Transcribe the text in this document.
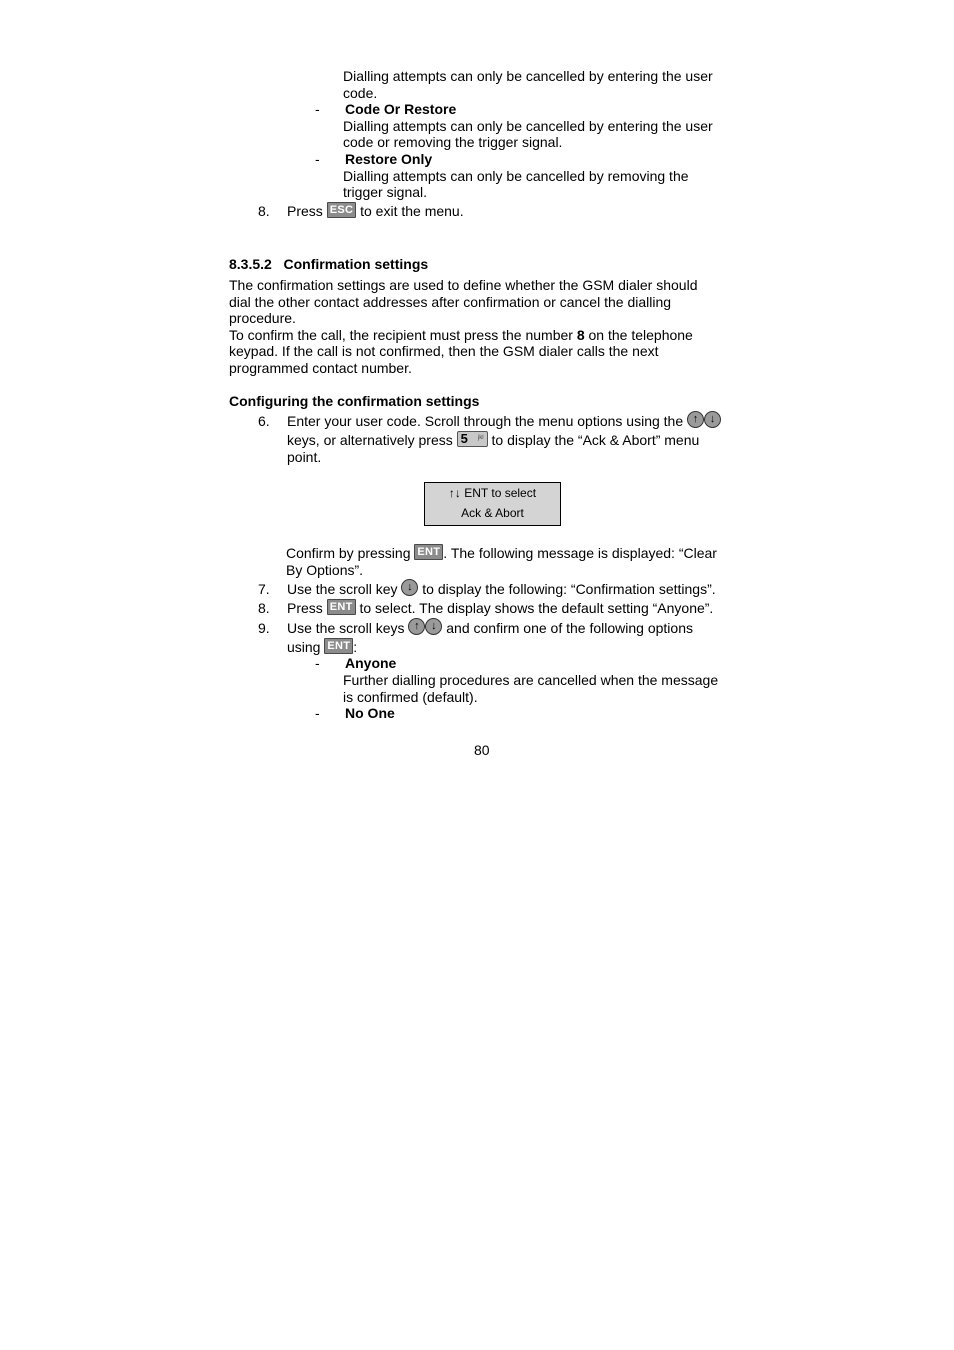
Dialling attempts can only be cancelled by entering the user
code.
- Code Or Restore
Dialling attempts can only be cancelled by entering the user
code or removing the trigger signal.
- Restore Only
Dialling attempts can only be cancelled by removing the
trigger signal.
8. Press ESC to exit the menu.
8.3.5.2   Confirmation settings
The confirmation settings are used to define whether the GSM dialer should
dial the other contact addresses after confirmation or cancel the dialling
procedure.
To confirm the call, the recipient must press the number 8 on the telephone
keypad. If the call is not confirmed, then the GSM dialer calls the next
programmed contact number.
Configuring the confirmation settings
6. Enter your user code. Scroll through the menu options using the ↑ ↓
keys, or alternatively press 5 jkl to display the “Ack & Abort” menu
point.
↑↓ ENT to select
Ack & Abort
Confirm by pressing ENT . The following message is displayed: “Clear
By Options”.
7. Use the scroll key ↓ to display the following: “Confirmation settings”.
8. Press ENT to select. The display shows the default setting “Anyone”.
9. Use the scroll keys ↑ ↓ and confirm one of the following options
using ENT :
- Anyone
Further dialling procedures are cancelled when the message
is confirmed (default).
- No One
80
